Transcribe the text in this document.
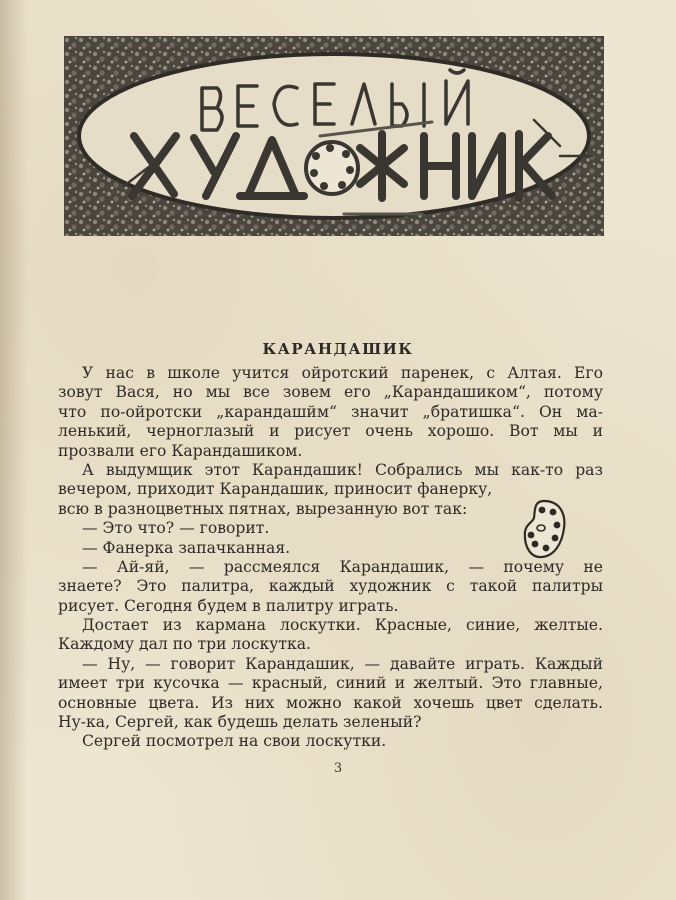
КАРАНДАШИК
У нас в школе учится ойротский паренек, с Алтая. Его
зовут Вася, но мы все зовем его „Карандашиком“, потому
что по-ойротски „карандашйм“ значит „братишка“. Он ма-
ленький, черноглазый и рисует очень хорошо. Вот мы и
прозвали его Карандашиком.
А выдумщик этот Карандашик! Собрались мы как-то раз
вечером, приходит Карандашик, приносит фанерку,
всю в разноцветных пятнах, вырезанную вот так:
— Это что? — говорит.
— Фанерка запачканная.
— Ай-яй, — рассмеялся Карандашик, — почему не
знаете? Это палитра, каждый художник с такой палитры
рисует. Сегодня будем в палитру играть.
Достает из кармана лоскутки. Красные, синие, желтые.
Каждому дал по три лоскутка.
— Ну, — говорит Карандашик, — давайте играть. Каждый
имеет три кусочка — красный, синий и желтый. Это главные,
основные цвета. Из них можно какой хочешь цвет сделать.
Ну-ка, Сергей, как будешь делать зеленый?
Сергей посмотрел на свои лоскутки.
3
